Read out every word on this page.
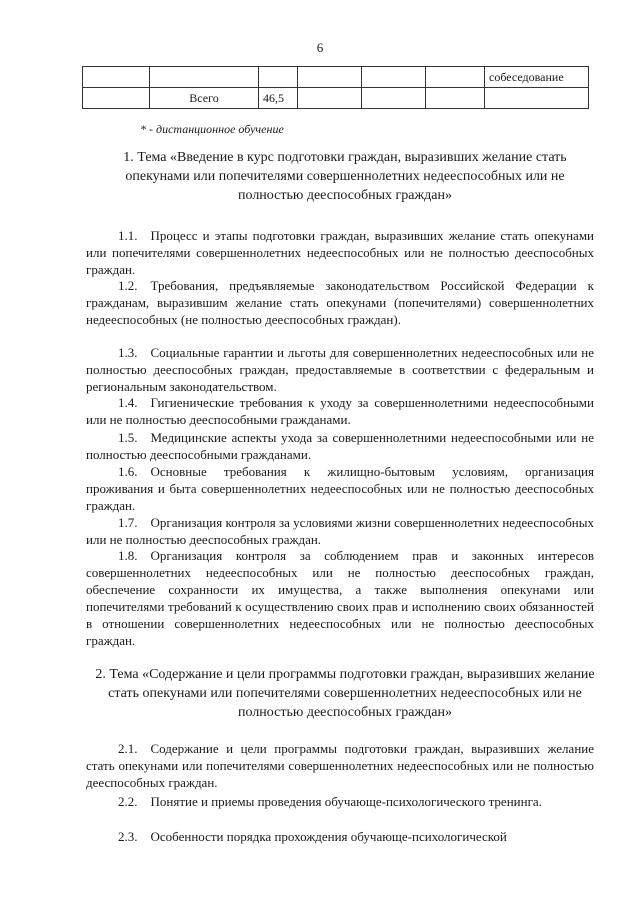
6
						собеседование
	Всего	46,5				
* - дистанционное обучение
1. Тема «Введение в курс подготовки граждан, выразивших желание стать опекунами или попечителями совершеннолетних недееспособных или не полностью дееспособных граждан»

1.1. Процесс и этапы подготовки граждан, выразивших желание стать опекунами или попечителями совершеннолетних недееспособных или не полностью дееспособных граждан.

1.2. Требования, предъявляемые законодательством Российской Федерации к гражданам, выразившим желание стать опекунами (попечителями) совершеннолетних недееспособных (не полностью дееспособных граждан).

1.3. Социальные гарантии и льготы для совершеннолетних недееспособных или не полностью дееспособных граждан, предоставляемые в соответствии с федеральным и региональным законодательством.

1.4. Гигиенические требования к уходу за совершеннолетними недееспособными или не полностью дееспособными гражданами.

1.5. Медицинские аспекты ухода за совершеннолетними недееспособными или не полностью дееспособными гражданами.

1.6. Основные требования к жилищно-бытовым условиям, организация проживания и быта совершеннолетних недееспособных или не полностью дееспособных граждан.

1.7. Организация контроля за условиями жизни совершеннолетних недееспособных или не полностью дееспособных граждан.

1.8. Организация контроля за соблюдением прав и законных интересов совершеннолетних недееспособных или не полностью дееспособных граждан, обеспечение сохранности их имущества, а также выполнения опекунами или попечителями требований к осуществлению своих прав и исполнению своих обязанностей в отношении совершеннолетних недееспособных или не полностью дееспособных граждан.

2. Тема «Содержание и цели программы подготовки граждан, выразивших желание стать опекунами или попечителями совершеннолетних недееспособных или не полностью дееспособных граждан»

2.1. Содержание и цели программы подготовки граждан, выразивших желание стать опекунами или попечителями совершеннолетних недееспособных или не полностью дееспособных граждан.

2.2. Понятие и приемы проведения обучающе-психологического тренинга.

2.3. Особенности порядка прохождения обучающе-психологической
